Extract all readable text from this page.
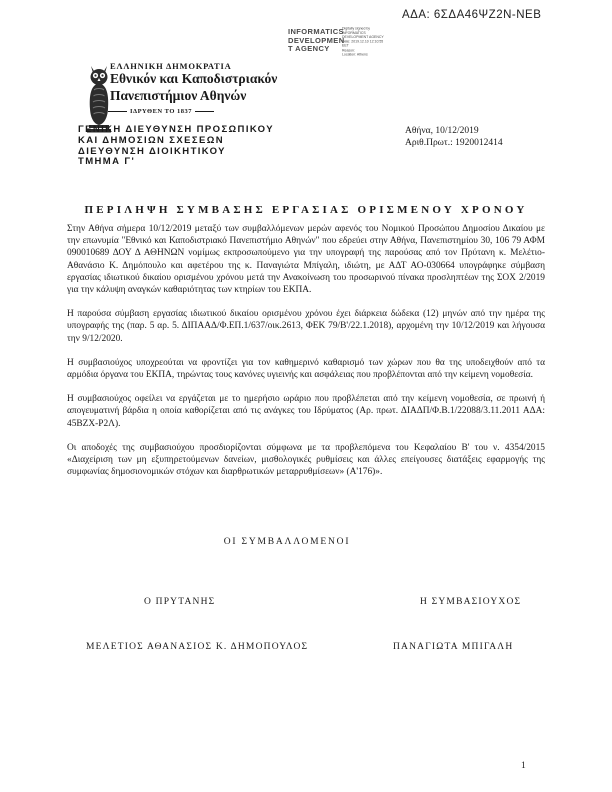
ΑΔΑ: 6ΣΔΑ46ΨΖ2Ν-ΝΕΒ
INFORMATICS
DEVELOPMEN
T AGENCY
Digitally signed by
INFORMATICS
DEVELOPMENT AGENCY
Date: 2019.12.10 12:10:55
EET
Reason:
Location: Athens
ΕΛΛΗΝΙΚΗ ΔΗΜΟΚΡΑΤΙΑ
Εθνικόν και Καποδιστριακόν
Πανεπιστήμιον Αθηνών
ΙΔΡΥΘΕΝ ΤΟ 1837
ΓΕΝΙΚΗ ΔΙΕΥΘΥΝΣΗ ΠΡΟΣΩΠΙΚΟΥ
ΚΑΙ ΔΗΜΟΣΙΩΝ ΣΧΕΣΕΩΝ
ΔΙΕΥΘΥΝΣΗ ΔΙΟΙΚΗΤΙΚΟΥ
ΤΜΗΜΑ Γ'
Αθήνα, 10/12/2019
Αριθ.Πρωτ.: 1920012414
ΠΕΡΙΛΗΨΗ ΣΥΜΒΑΣΗΣ ΕΡΓΑΣΙΑΣ ΟΡΙΣΜΕΝΟΥ ΧΡΟΝΟΥ

Στην Αθήνα σήμερα 10/12/2019 μεταξύ των συμβαλλόμενων μερών αφενός του Νομικού Προσώπου Δημοσίου Δικαίου με την επωνυμία "Εθνικό και Καποδιστριακό Πανεπιστήμιο Αθηνών" που εδρεύει στην Αθήνα, Πανεπιστημίου 30, 106 79 ΑΦΜ 090010689 ΔΟΥ Δ ΑΘΗΝΩΝ νομίμως εκπροσωπούμενο για την υπογραφή της παρούσας από τον Πρύτανη κ. Μελέτιο- Αθανάσιο Κ. Δημόπουλο και αφετέρου της κ. Παναγιώτα Μπίγαλη, ιδιώτη, με ΑΔΤ ΑΟ-030664 υπογράφηκε σύμβαση εργασίας ιδιωτικού δικαίου ορισμένου χρόνου μετά την Ανακοίνωση του προσωρινού πίνακα προσληπτέων της ΣΟΧ 2/2019 για την κάλυψη αναγκών καθαριότητας των κτηρίων του ΕΚΠΑ.

Η παρούσα σύμβαση εργασίας ιδιωτικού δικαίου ορισμένου χρόνου έχει διάρκεια δώδεκα (12) μηνών από την ημέρα της υπογραφής της (παρ. 5 αρ. 5. ΔΙΠΑΑΔ/Φ.ΕΠ.1/637/οικ.2613, ΦΕΚ 79/Β'/22.1.2018), αρχομένη την 10/12/2019 και λήγουσα την 9/12/2020.

Η συμβασιούχος υποχρεούται να φροντίζει για τον καθημερινό καθαρισμό των χώρων που θα της υποδειχθούν από τα αρμόδια όργανα του ΕΚΠΑ, τηρώντας τους κανόνες υγιεινής και ασφάλειας που προβλέπονται από την κείμενη νομοθεσία.

Η συμβασιούχος οφείλει να εργάζεται με το ημερήσιο ωράριο που προβλέπεται από την κείμενη νομοθεσία, σε πρωινή ή απογευματινή βάρδια η οποία καθορίζεται από τις ανάγκες του Ιδρύματος (Αρ. πρωτ. ΔΙΑΔΠ/Φ.Β.1/22088/3.11.2011 ΑΔΑ: 45ΒΖΧ-Ρ2Λ).

Οι αποδοχές της συμβασιούχου προσδιορίζονται σύμφωνα με τα προβλεπόμενα του Κεφαλαίου Β' του ν. 4354/2015 «Διαχείριση των μη εξυπηρετούμενων δανείων, μισθολογικές ρυθμίσεις και άλλες επείγουσες διατάξεις εφαρμογής της συμφωνίας δημοσιονομικών στόχων και διαρθρωτικών μεταρρυθμίσεων» (Α'176)».

ΟΙ ΣΥΜΒΑΛΛΟΜΕΝΟΙ
Ο ΠΡΥΤΑΝΗΣ	Η ΣΥΜΒΑΣΙΟΥΧΟΣ
ΜΕΛΕΤΙΟΣ ΑΘΑΝΑΣΙΟΣ Κ. ΔΗΜΟΠΟΥΛΟΣ	ΠΑΝΑΓΙΩΤΑ ΜΠΙΓΑΛΗ
1
